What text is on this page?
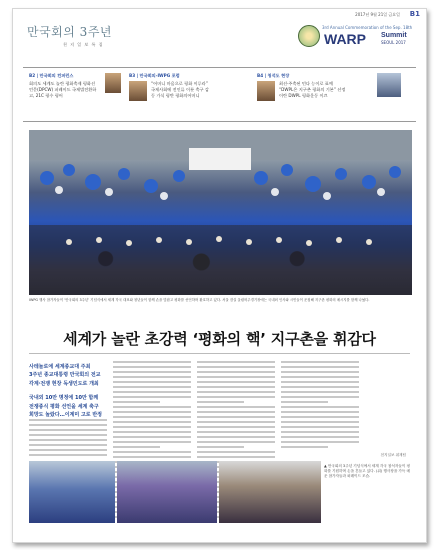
2017년 9월 21일 금요일 B1
만국회의 3주년
천 지 일 보 특 집
3rd Annual Commemoration of the Sep. 18th
WARP Summit
SEOUL 2017
B2 | 만국회의 컨퍼런스
회의도 세계도 놀란 평화축제 평화선언문(DPCW) 퍼레이드 국제법전환하고, 21C 평수 평어
B3 | 만국회의-IWPG 포럼
“어머니 마음으로 평화 이루라” 국제사회에 전인류 이룬 축구 감동 가식 평반 평화의어머니
B4 | 청석도 현장
최선·주축된 민다 능이로 표예 “DWPL은 지구촌 평화의 기본” 선정이란 DWPL 평화운동 이끄
IWPG 행사 참가자들이 ‘만국회의 3주년’ 기념식에서 세계 각국 대표와 청년들이 함께 손을 맞잡고 평화를 선언하며 환호하고 있다. 서울 잠실 올림픽주경기장에는 국내외 인사와 시민들이 운집해 지구촌 평화의 메시지를 함께 나눴다.
세계가 놀란 초강력 ‘평화의 핵’ 지구촌을 휘감다
사테놀로에 세계종교대 주최
3주년 종교대통령 만국회의 전교
각계‧전쟁 현장 독생민도로 개최
국내외 10만 명정에 10만 함께
전쟁종식 평화 선언을 세계 축구
희망도 놀랐다…이계미 고로 반정
천지일보 취재팀
▲ 만국회의 3주년 기념식에서 세계 각국 참석자들이 평화를 기원하며 손을 흔들고 있다. (위) 행사장을 가득 메운 참가자들과 퍼레이드 모습.
